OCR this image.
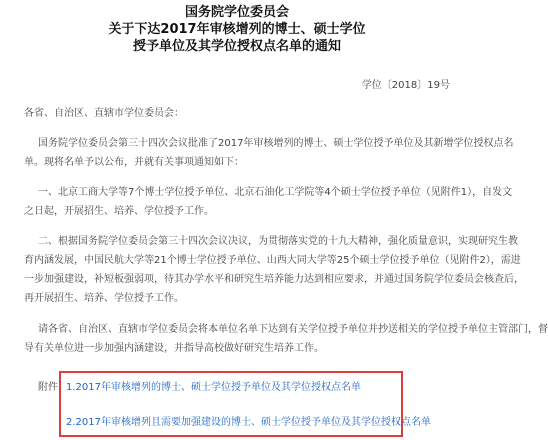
国务院学位委员会
关于下达2017年审核增列的博士、硕士学位
授予单位及其学位授权点名单的通知
学位〔2018〕19号
各省、自治区、直辖市学位委员会：
国务院学位委员会第三十四次会议批准了2017年审核增列的博士、硕士学位授予单位及其新增学位授权点名
单。现将名单予以公布，并就有关事项通知如下：
一、北京工商大学等7个博士学位授予单位、北京石油化工学院等4个硕士学位授予单位（见附件1），自发文
之日起，开展招生、培养、学位授予工作。
二、根据国务院学位委员会第三十四次会议决议，为贯彻落实党的十九大精神，强化质量意识，实现研究生教
育内涵发展，中国民航大学等21个博士学位授予单位、山西大同大学等25个硕士学位授予单位（见附件2），需进
一步加强建设，补短板强弱项，待其办学水平和研究生培养能力达到相应要求，并通过国务院学位委员会核查后，
再开展招生、培养、学位授予工作。
请各省、自治区、直辖市学位委员会将本单位名单下达到有关学位授予单位并抄送相关的学位授予单位主管部门，督
导有关单位进一步加强内涵建设，并指导高校做好研究生培养工作。
附件 1.2017年审核增列的博士、硕士学位授予单位及其学位授权点名单
2.2017年审核增列且需要加强建设的博士、硕士学位授予单位及其学位授权点名单
